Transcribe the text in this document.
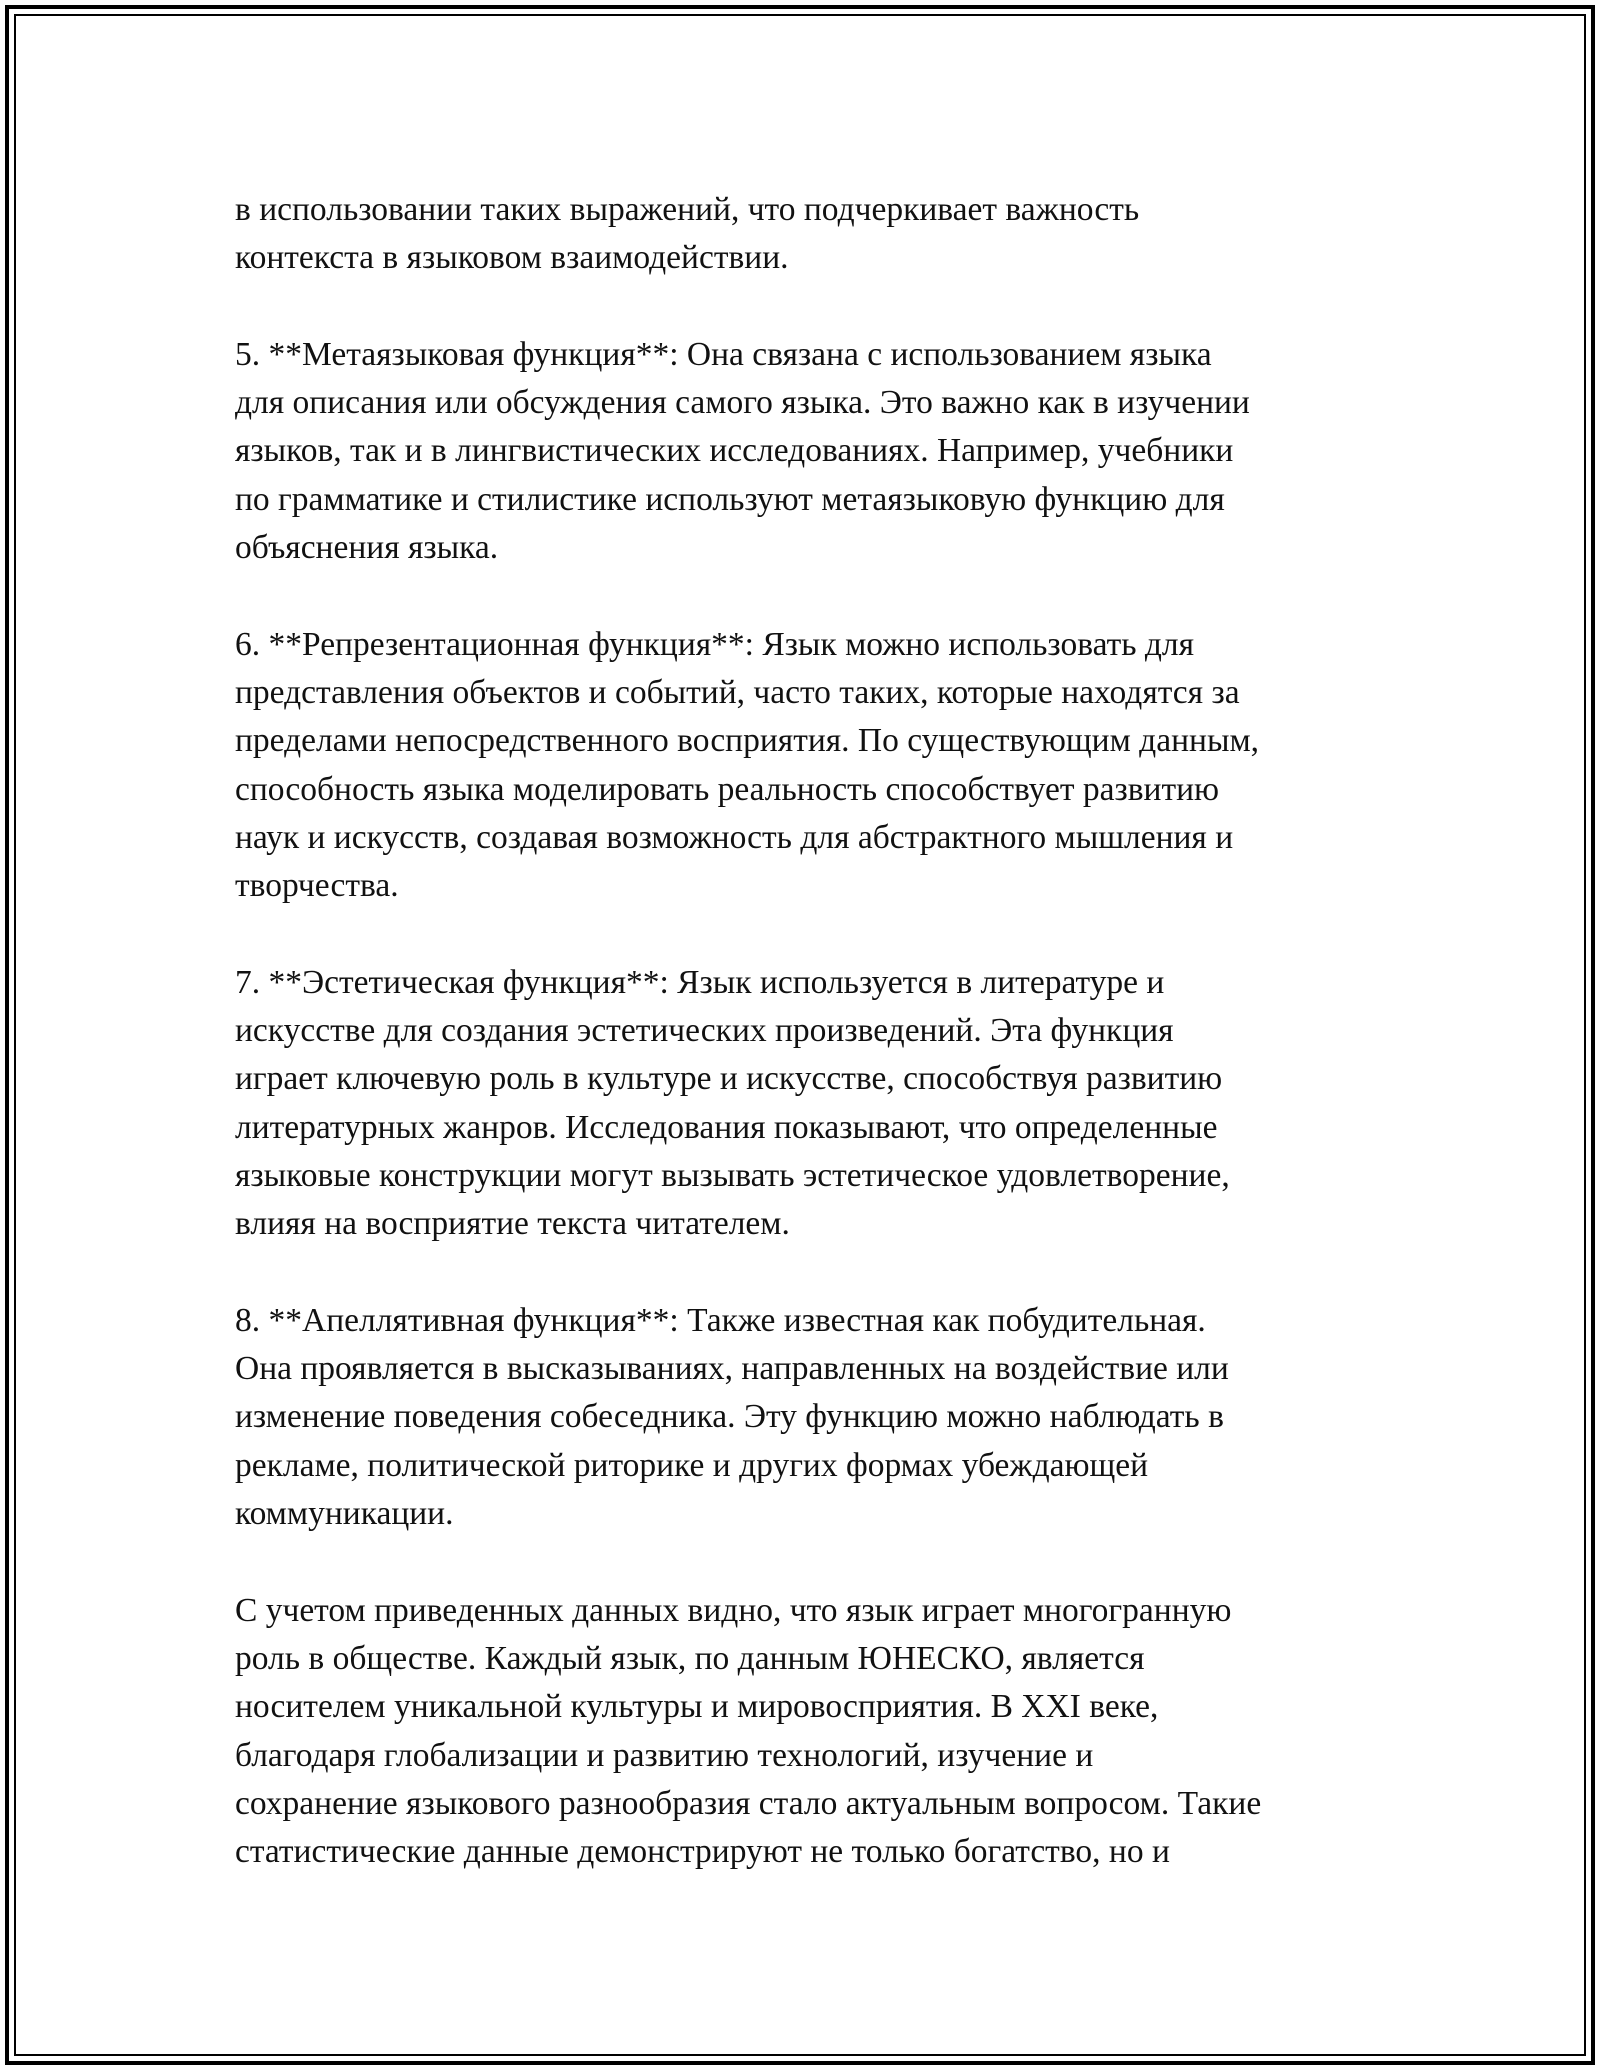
в использовании таких выражений, что подчеркивает важность
контекста в языковом взаимодействии.

5. **Метаязыковая функция**: Она связана с использованием языка
для описания или обсуждения самого языка. Это важно как в изучении
языков, так и в лингвистических исследованиях. Например, учебники
по грамматике и стилистике используют метаязыковую функцию для
объяснения языка.

6. **Репрезентационная функция**: Язык можно использовать для
представления объектов и событий, часто таких, которые находятся за
пределами непосредственного восприятия. По существующим данным,
способность языка моделировать реальность способствует развитию
наук и искусств, создавая возможность для абстрактного мышления и
творчества.

7. **Эстетическая функция**: Язык используется в литературе и
искусстве для создания эстетических произведений. Эта функция
играет ключевую роль в культуре и искусстве, способствуя развитию
литературных жанров. Исследования показывают, что определенные
языковые конструкции могут вызывать эстетическое удовлетворение,
влияя на восприятие текста читателем.

8. **Апеллятивная функция**: Также известная как побудительная.
Она проявляется в высказываниях, направленных на воздействие или
изменение поведения собеседника. Эту функцию можно наблюдать в
рекламе, политической риторике и других формах убеждающей
коммуникации.

С учетом приведенных данных видно, что язык играет многогранную
роль в обществе. Каждый язык, по данным ЮНЕСКО, является
носителем уникальной культуры и мировосприятия. В XXI веке,
благодаря глобализации и развитию технологий, изучение и
сохранение языкового разнообразия стало актуальным вопросом. Такие
статистические данные демонстрируют не только богатство, но и
